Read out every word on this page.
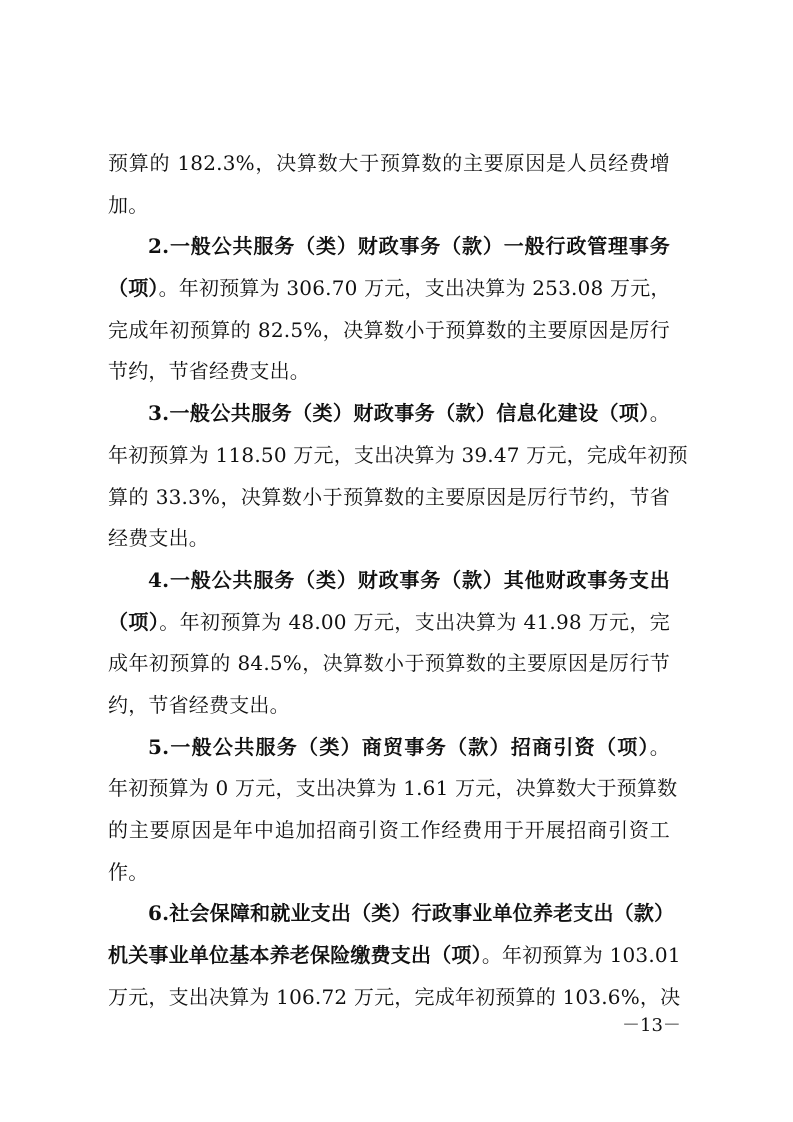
预算的 182.3%，决算数大于预算数的主要原因是人员经费增
加。
2.一般公共服务（类）财政事务（款）一般行政管理事务
（项）。年初预算为 306.70 万元，支出决算为 253.08 万元，
完成年初预算的 82.5%，决算数小于预算数的主要原因是厉行
节约，节省经费支出。
3.一般公共服务（类）财政事务（款）信息化建设（项）。
年初预算为 118.50 万元，支出决算为 39.47 万元，完成年初预
算的 33.3%，决算数小于预算数的主要原因是厉行节约，节省
经费支出。
4.一般公共服务（类）财政事务（款）其他财政事务支出
（项）。年初预算为 48.00 万元，支出决算为 41.98 万元，完
成年初预算的 84.5%，决算数小于预算数的主要原因是厉行节
约，节省经费支出。
5.一般公共服务（类）商贸事务（款）招商引资（项）。
年初预算为 0 万元，支出决算为 1.61 万元，决算数大于预算数
的主要原因是年中追加招商引资工作经费用于开展招商引资工
作。
6.社会保障和就业支出（类）行政事业单位养老支出（款）
机关事业单位基本养老保险缴费支出（项）。年初预算为 103.01
万元，支出决算为 106.72 万元，完成年初预算的 103.6%，决
－13－
